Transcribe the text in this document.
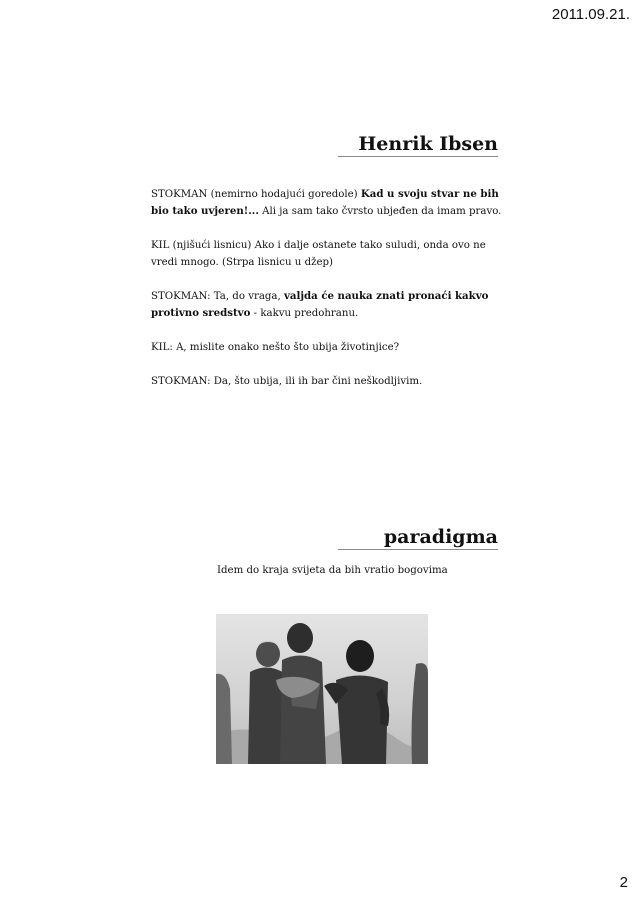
2011.09.21.
Henrik Ibsen

STOKMAN (nemirno hodajući goredole) Kad u svoju stvar ne bih bio tako uvjeren!... Ali ja sam tako čvrsto ubjeđen da imam pravo.

KIL (njišući lisnicu) Ako i dalje ostanete tako suludi, onda ovo ne vredi mnogo. (Strpa lisnicu u džep)

STOKMAN: Ta, do vraga, valjda će nauka znati pronaći kakvo protivno sredstvo - kakvu predohranu.

KIL: A, mislite onako nešto što ubija životinjice?

STOKMAN: Da, što ubija, ili ih bar čini neškodljivim.

paradigma
Idem do kraja svijeta da bih vratio bogovima
2
